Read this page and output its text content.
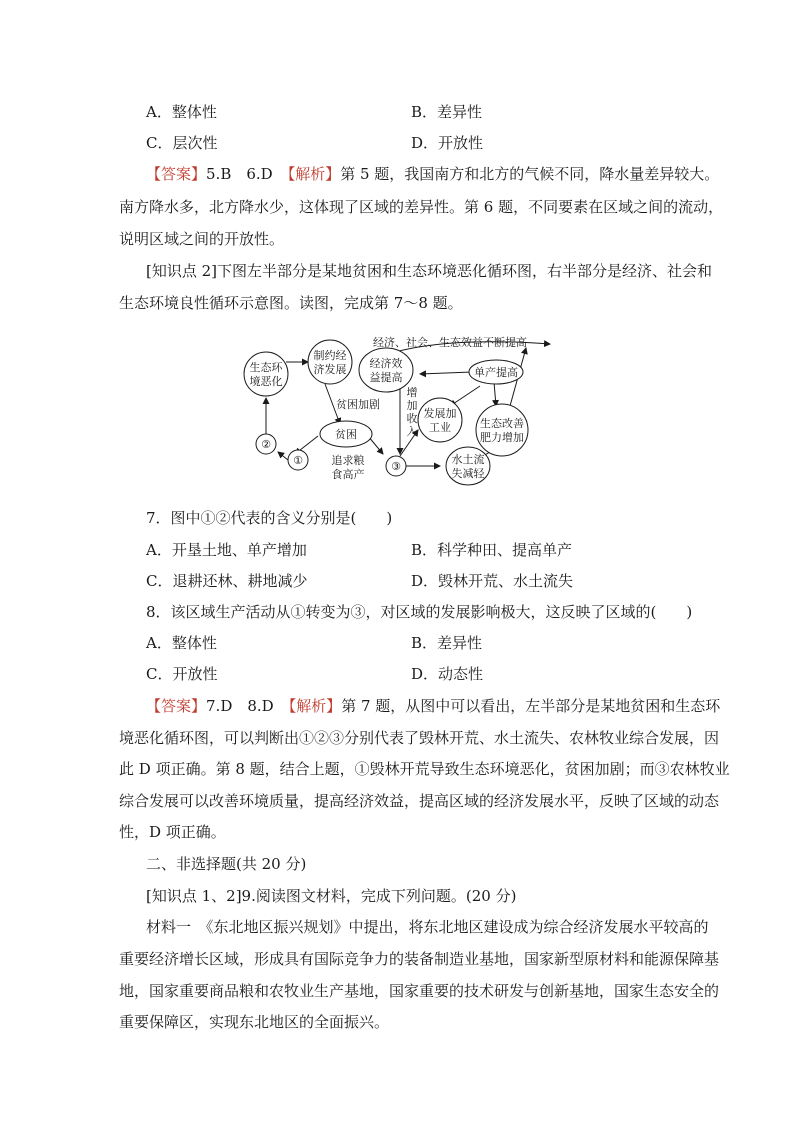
A．整体性	B．差异性
C．层次性	D．开放性
【答案】5.B　6.D　【解析】第 5 题，我国南方和北方的气候不同，降水量差异较大。
南方降水多，北方降水少，这体现了区域的差异性。第 6 题，不同要素在区域之间的流动，
说明区域之间的开放性。
[知识点 2]下图左半部分是某地贫困和生态环境恶化循环图，右半部分是经济、社会和
生态环境良性循环示意图。读图，完成第 7～8 题。
经济、社会、生态效益不断提高
生态环
境恶化
制约经
济发展 经济效
益提高	单产提高
发展加
工业	生态改善
肥力增加
贫困
水土流
失减轻
②
①	③
贫困加剧
增
加
收
入
追求粮
食高产
7．图中①②代表的含义分别是(　　)
A．开垦土地、单产增加	B．科学种田、提高单产
C．退耕还林、耕地减少	D．毁林开荒、水土流失
8．该区域生产活动从①转变为③，对区域的发展影响极大，这反映了区域的(　　)
A．整体性	B．差异性
C．开放性	D．动态性
【答案】7.D　8.D　【解析】第 7 题，从图中可以看出，左半部分是某地贫困和生态环
境恶化循环图，可以判断出①②③分别代表了毁林开荒、水土流失、农林牧业综合发展，因
此 D 项正确。第 8 题，结合上题，①毁林开荒导致生态环境恶化，贫困加剧；而③农林牧业
综合发展可以改善环境质量，提高经济效益，提高区域的经济发展水平，反映了区域的动态
性，D 项正确。
二、非选择题(共 20 分)
[知识点 1、2]9.阅读图文材料，完成下列问题。(20 分)
材料一　《东北地区振兴规划》中提出，将东北地区建设成为综合经济发展水平较高的
重要经济增长区域，形成具有国际竞争力的装备制造业基地，国家新型原材料和能源保障基
地，国家重要商品粮和农牧业生产基地，国家重要的技术研发与创新基地，国家生态安全的
重要保障区，实现东北地区的全面振兴。
